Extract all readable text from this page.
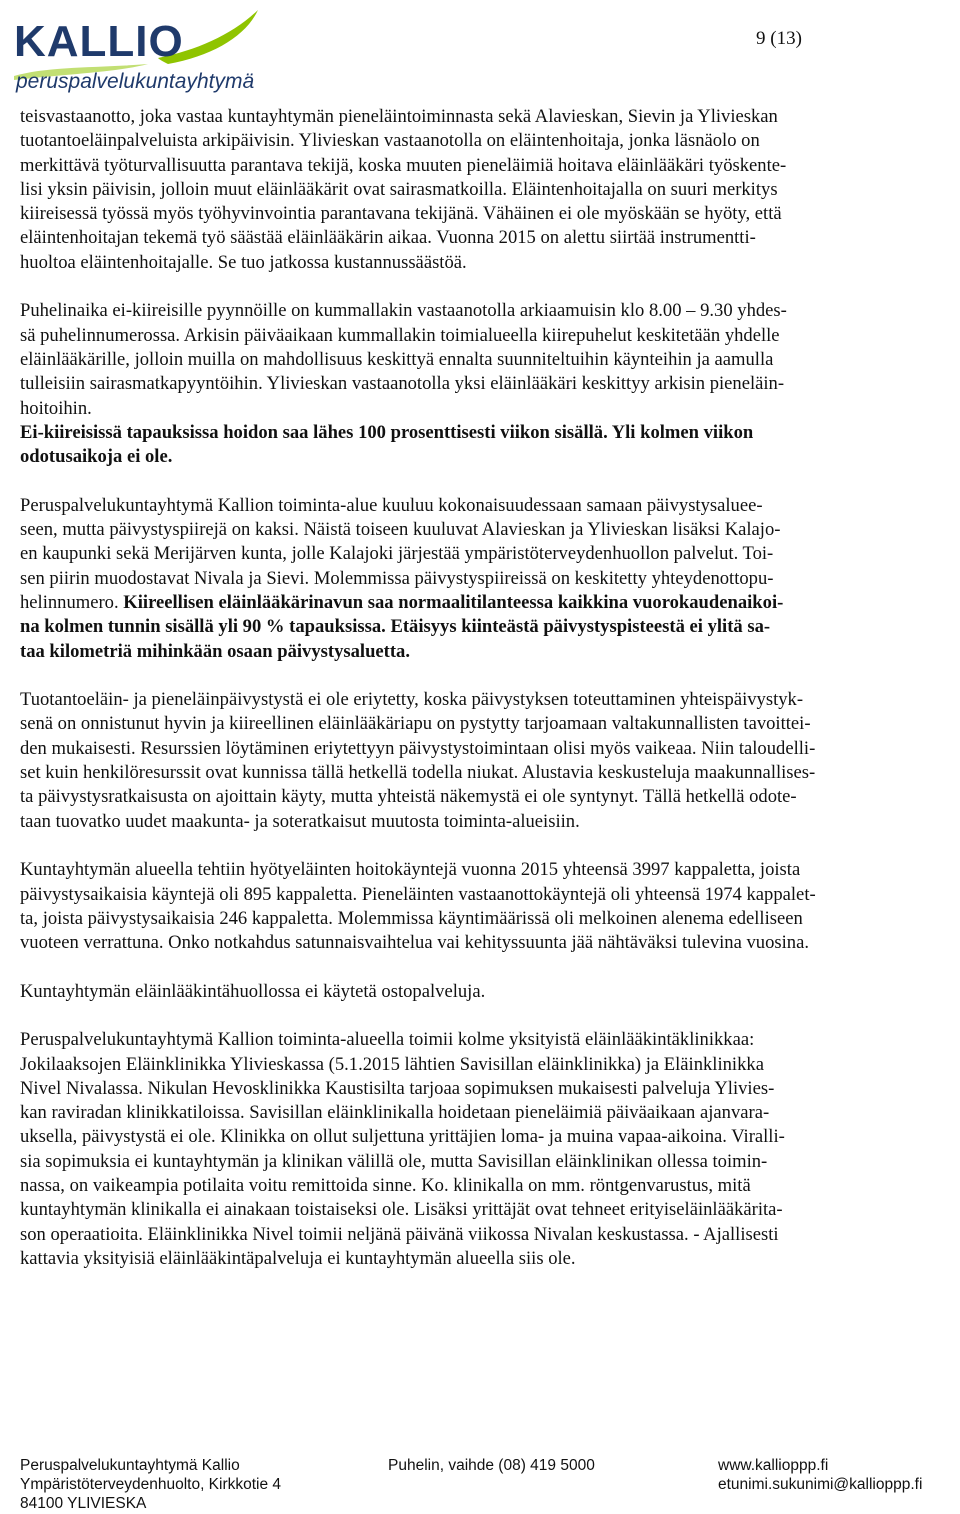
KALLIO
peruspalvelukuntayhtymä
9 (13)

teisvastaanotto, joka vastaa kuntayhtymän pieneläintoiminnasta sekä Alavieskan, Sievin ja Ylivieskan
tuotantoeläinpalveluista arkipäivisin. Ylivieskan vastaanotolla on eläintenhoitaja, jonka läsnäolo on
merkittävä työturvallisuutta parantava tekijä, koska muuten pieneläimiä hoitava eläinlääkäri työskente-
lisi yksin päivisin, jolloin muut eläinlääkärit ovat sairasmatkoilla. Eläintenhoitajalla on suuri merkitys
kiireisessä työssä myös työhyvinvointia parantavana tekijänä. Vähäinen ei ole myöskään se hyöty, että
eläintenhoitajan tekemä työ säästää eläinlääkärin aikaa. Vuonna 2015 on alettu siirtää instrumentti-
huoltoa eläintenhoitajalle. Se tuo jatkossa kustannussäästöä.

Puhelinaika ei-kiireisille pyynnöille on kummallakin vastaanotolla arkiaamuisin klo 8.00 – 9.30 yhdes-
sä puhelinnumerossa. Arkisin päiväaikaan kummallakin toimialueella kiirepuhelut keskitetään yhdelle
eläinlääkärille, jolloin muilla on mahdollisuus keskittyä ennalta suunniteltuihin käynteihin ja aamulla
tulleisiin sairasmatkapyyntöihin. Ylivieskan vastaanotolla yksi eläinlääkäri keskittyy arkisin pieneläin-
hoitoihin.
Ei-kiireisissä tapauksissa hoidon saa lähes 100 prosenttisesti viikon sisällä. Yli kolmen viikon
odotusaikoja ei ole.

Peruspalvelukuntayhtymä Kallion toiminta-alue kuuluu kokonaisuudessaan samaan päivystysaluee-
seen, mutta päivystyspiirejä on kaksi. Näistä toiseen kuuluvat Alavieskan ja Ylivieskan lisäksi Kalajo-
en kaupunki sekä Merijärven kunta, jolle Kalajoki järjestää ympäristöterveydenhuollon palvelut. Toi-
sen piirin muodostavat Nivala ja Sievi. Molemmissa päivystyspiireissä on keskitetty yhteydenottopu-
helinnumero. Kiireellisen eläinlääkärinavun saa normaalitilanteessa kaikkina vuorokaudenaikoi-
na kolmen tunnin sisällä yli 90 % tapauksissa. Etäisyys kiinteästä päivystyspisteestä ei ylitä sa-
taa kilometriä mihinkään osaan päivystysaluetta.

Tuotantoeläin- ja pieneläinpäivystystä ei ole eriytetty, koska päivystyksen toteuttaminen yhteispäivystyk-
senä on onnistunut hyvin ja kiireellinen eläinlääkäriapu on pystytty tarjoamaan valtakunnallisten tavoittei-
den mukaisesti. Resurssien löytäminen eriytettyyn päivystystoimintaan olisi myös vaikeaa. Niin taloudelli-
set kuin henkilöresurssit ovat kunnissa tällä hetkellä todella niukat. Alustavia keskusteluja maakunnallises-
ta päivystysratkaisusta on ajoittain käyty, mutta yhteistä näkemystä ei ole syntynyt. Tällä hetkellä odote-
taan tuovatko uudet maakunta- ja soteratkaisut muutosta toiminta-alueisiin.

Kuntayhtymän alueella tehtiin hyötyeläinten hoitokäyntejä vuonna 2015 yhteensä 3997 kappaletta, joista
päivystysaikaisia käyntejä oli 895 kappaletta. Pieneläinten vastaanottokäyntejä oli yhteensä 1974 kappalet-
ta, joista päivystysaikaisia 246 kappaletta. Molemmissa käyntimäärissä oli melkoinen alenema edelliseen
vuoteen verrattuna. Onko notkahdus satunnaisvaihtelua vai kehityssuunta jää nähtäväksi tulevina vuosina.

Kuntayhtymän eläinlääkintähuollossa ei käytetä ostopalveluja.

Peruspalvelukuntayhtymä Kallion toiminta-alueella toimii kolme yksityistä eläinlääkintäklinikkaa:
Jokilaaksojen Eläinklinikka Ylivieskassa (5.1.2015 lähtien Savisillan eläinklinikka) ja Eläinklinikka
Nivel Nivalassa. Nikulan Hevosklinikka Kaustisilta tarjoaa sopimuksen mukaisesti palveluja Ylivies-
kan raviradan klinikkatiloissa. Savisillan eläinklinikalla hoidetaan pieneläimiä päiväaikaan ajanvara-
uksella, päivystystä ei ole. Klinikka on ollut suljettuna yrittäjien loma- ja muina vapaa-aikoina. Viralli-
sia sopimuksia ei kuntayhtymän ja klinikan välillä ole, mutta Savisillan eläinklinikan ollessa toimin-
nassa, on vaikeampia potilaita voitu remittoida sinne. Ko. klinikalla on mm. röntgenvarustus, mitä
kuntayhtymän klinikalla ei ainakaan toistaiseksi ole. Lisäksi yrittäjät ovat tehneet erityiseläinlääkärita-
son operaatioita. Eläinklinikka Nivel toimii neljänä päivänä viikossa Nivalan keskustassa. - Ajallisesti
kattavia yksityisiä eläinlääkintäpalveluja ei kuntayhtymän alueella siis ole.

Peruspalvelukuntayhtymä Kallio
Ympäristöterveydenhuolto, Kirkkotie 4
84100 YLIVIESKA
Puhelin, vaihde (08) 419 5000	www.kallioppp.fi
etunimi.sukunimi@kallioppp.fi
